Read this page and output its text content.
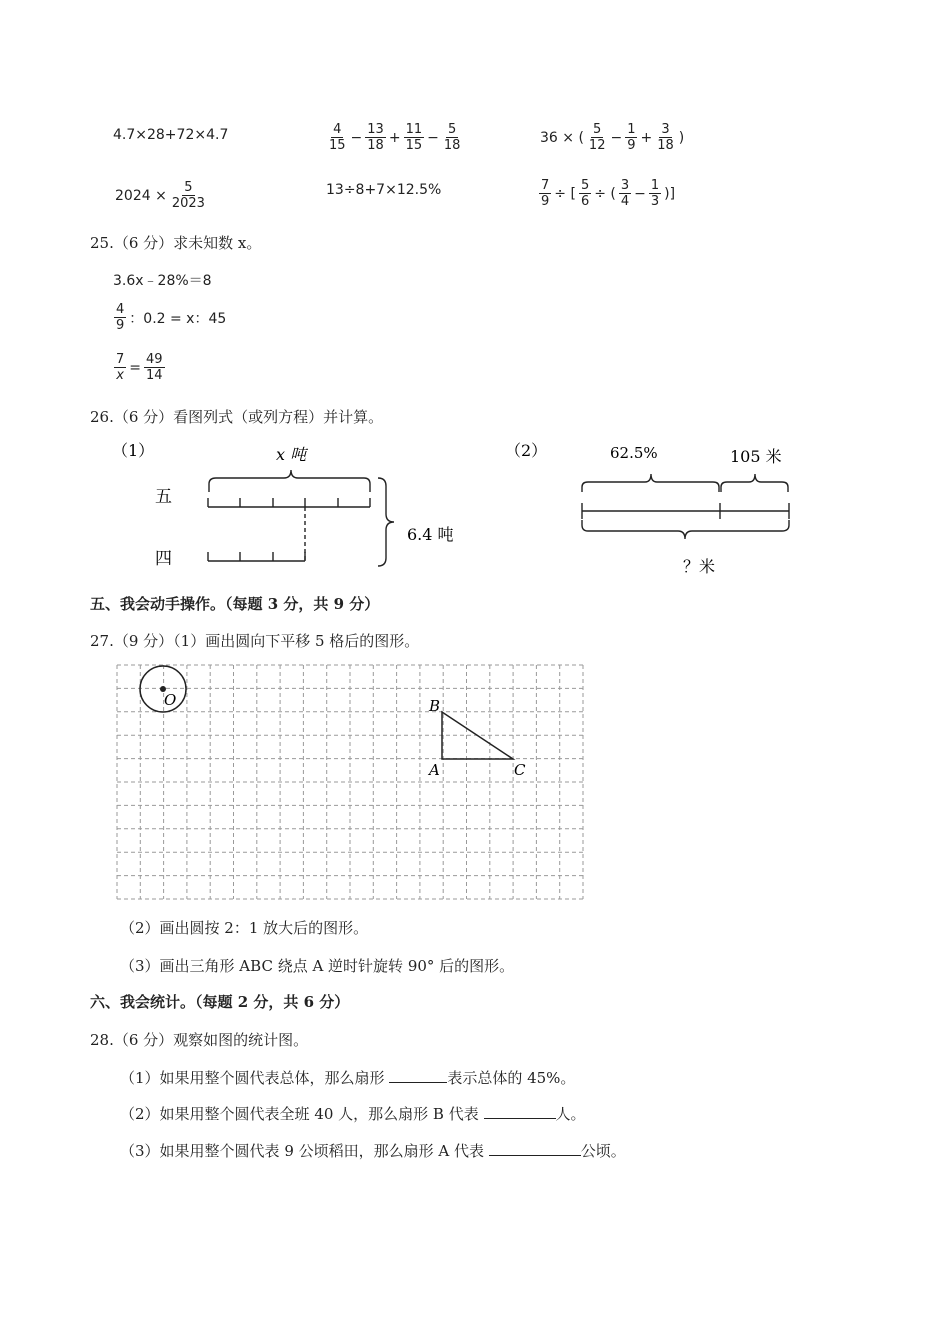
4.7×28+72×4.7	$\frac{4}{15} - \frac{13}{18} + \frac{11}{15} - \frac{5}{18}$	36 × ( $\frac{5}{12} - \frac{1}{9} + \frac{3}{18}$ )
$2024 \times \frac{5}{2023}$	13÷8+7×12.5%	$\frac{7}{9}$ ÷ [ $\frac{5}{6}$ ÷ ( $\frac{3}{4} - \frac{1}{3}$ )]
25.（6 分）求未知数 x。
3.6x﹣28%＝8
$\frac{4}{9}$ ：0.2 = x：45
$\frac{7}{x} = \frac{49}{14}$
26.（6 分）看图列式（或列方程）并计算。
（1）	x 吨
五
四
6.4 吨
（2）	62.5%	105 米
？米
五、我会动手操作。（每题 3 分，共 9 分）
27.（9 分）（1）画出圆向下平移 5 格后的图形。
O	B
A	C
（2）画出圆按 2：1 放大后的图形。
（3）画出三角形 ABC 绕点 A 逆时针旋转 90° 后的图形。
六、我会统计。（每题 2 分，共 6 分）
28.（6 分）观察如图的统计图。
（1）如果用整个圆代表总体，那么扇形	表示总体的 45%。
（2）如果用整个圆代表全班 40 人，那么扇形 B 代表	人。
（3）如果用整个圆代表 9 公顷稻田，那么扇形 A 代表	公顷。
